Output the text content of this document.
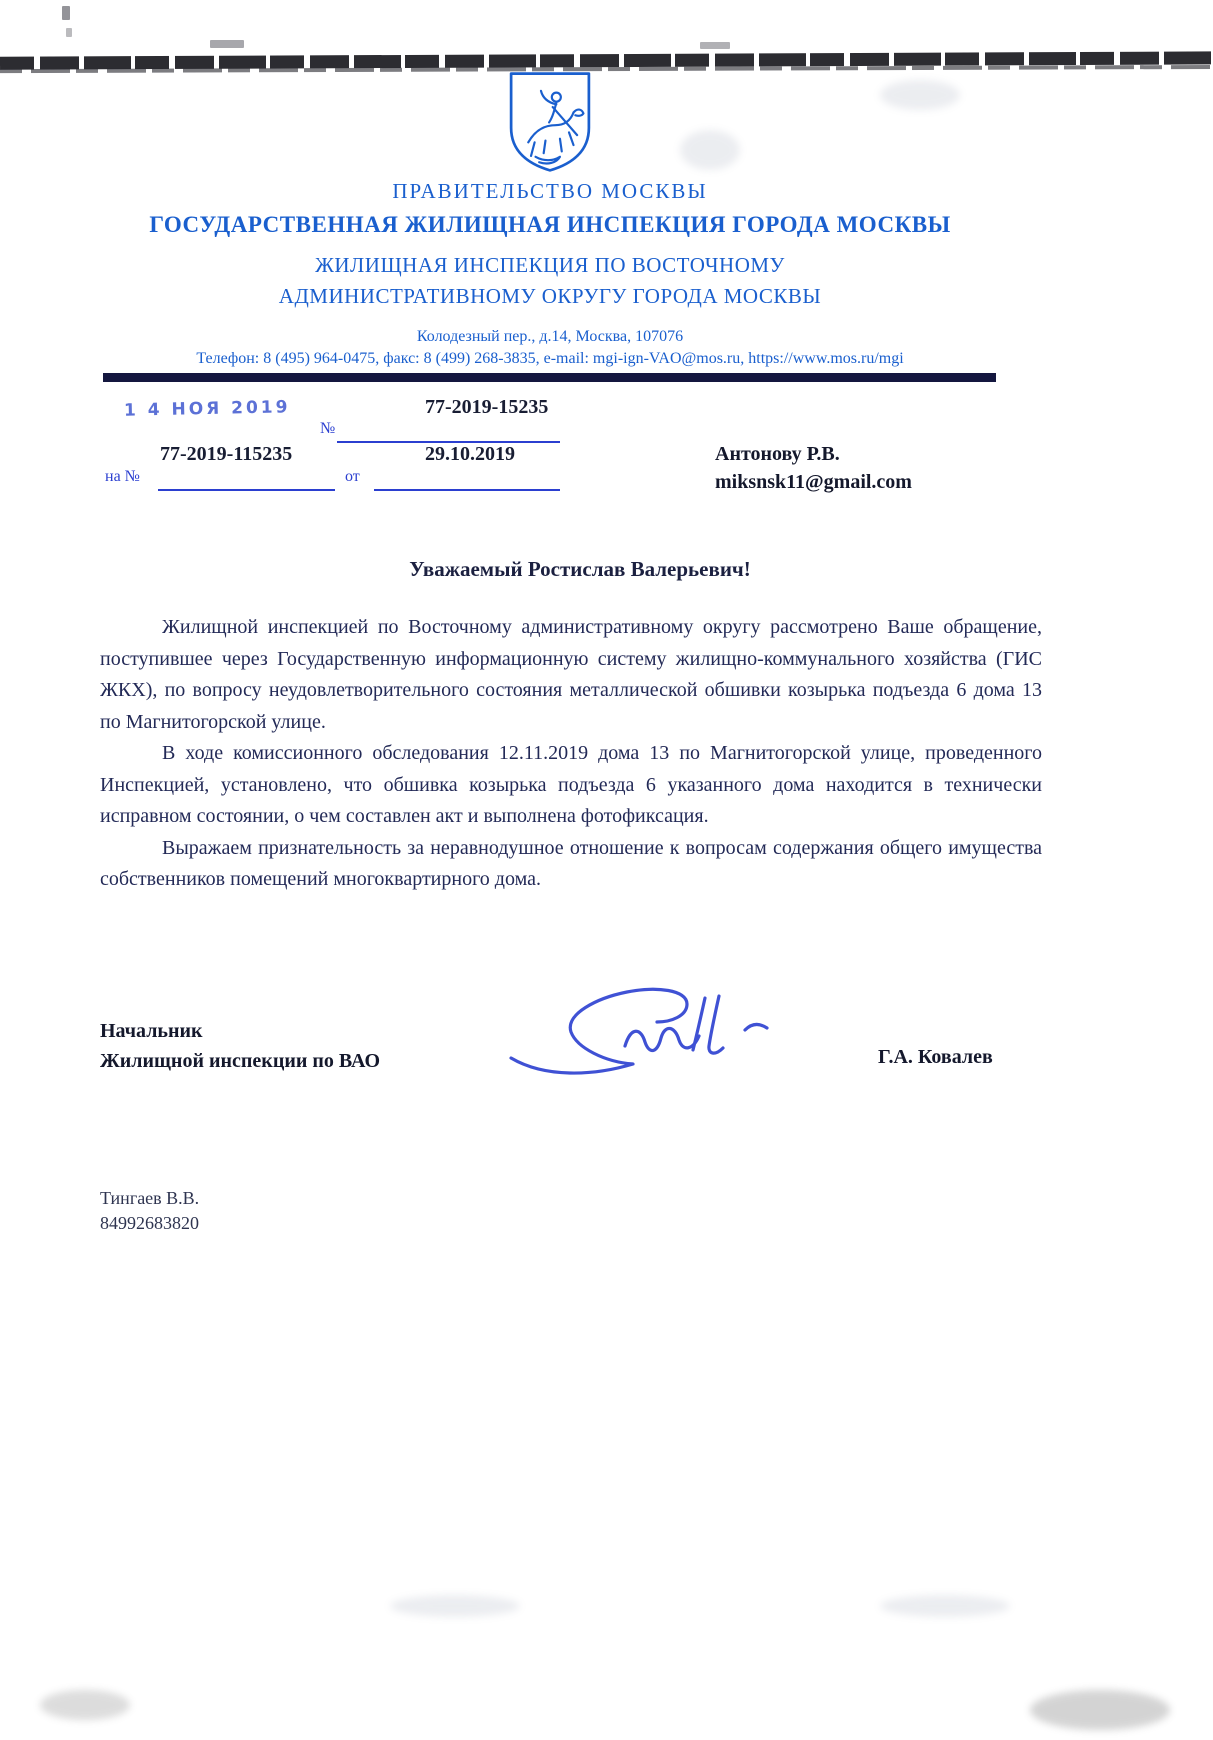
ПРАВИТЕЛЬСТВО МОСКВЫ
ГОСУДАРСТВЕННАЯ ЖИЛИЩНАЯ ИНСПЕКЦИЯ ГОРОДА МОСКВЫ
ЖИЛИЩНАЯ ИНСПЕКЦИЯ ПО ВОСТОЧНОМУ
АДМИНИСТРАТИВНОМУ ОКРУГУ ГОРОДА МОСКВЫ
Колодезный пер., д.14, Москва, 107076
Телефон: 8 (495) 964-0475, факс: 8 (499) 268-3835, e-mail: mgi-ign-VAO@mos.ru, https://www.mos.ru/mgi
1 4 НОЯ 2019	77-2019-15235
№
77-2019-115235	29.10.2019
на №	от
Антонову Р.В.
miksnsk11@gmail.com
Уважаемый Ростислав Валерьевич!

Жилищной инспекцией по Восточному административному округу рассмотрено Ваше обращение, поступившее через Государственную информационную систему жилищно-коммунального хозяйства (ГИС ЖКХ), по вопросу неудовлетворительного состояния металлической обшивки козырька подъезда 6 дома 13 по Магнитогорской улице.

В ходе комиссионного обследования 12.11.2019 дома 13 по Магнитогорской улице, проведенного Инспекцией, установлено, что обшивка козырька подъезда 6 указанного дома находится в технически исправном состоянии, о чем составлен акт и выполнена фотофиксация.

Выражаем признательность за неравнодушное отношение к вопросам содержания общего имущества собственников помещений многоквартирного дома.

Начальник
Жилищной инспекции по ВАО	Г.А. Ковалев
Тингаев В.В.
84992683820
